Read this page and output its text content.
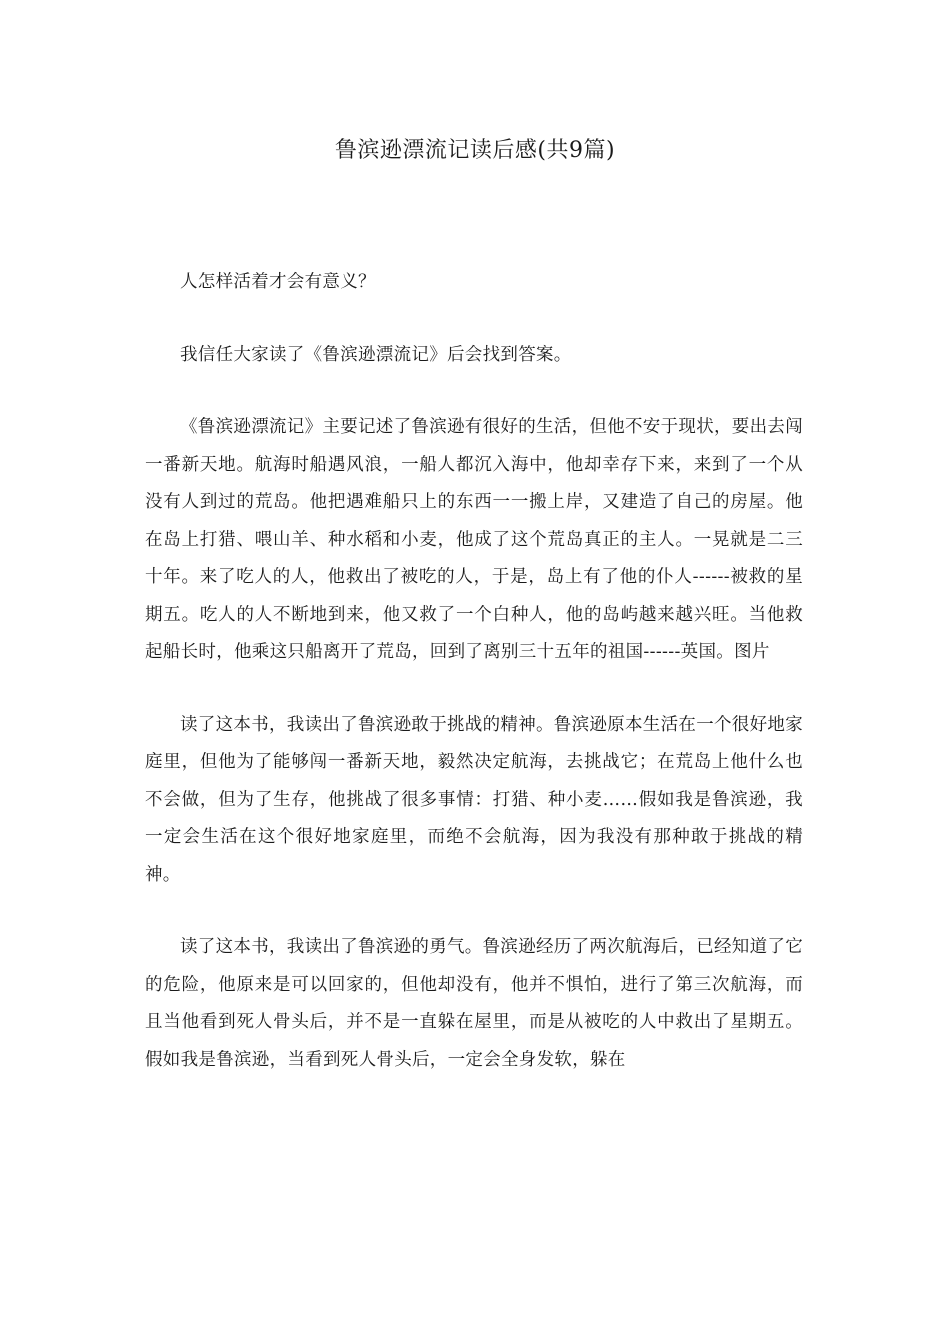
鲁滨逊漂流记读后感(共9篇)

人怎样活着才会有意义？

我信任大家读了《鲁滨逊漂流记》后会找到答案。

《鲁滨逊漂流记》主要记述了鲁滨逊有很好的生活，但他不安于现状，要出去闯一番新天地。航海时船遇风浪，一船人都沉入海中，他却幸存下来，来到了一个从没有人到过的荒岛。他把遇难船只上的东西一一搬上岸，又建造了自己的房屋。他在岛上打猎、喂山羊、种水稻和小麦，他成了这个荒岛真正的主人。一晃就是二三十年。来了吃人的人，他救出了被吃的人，于是，岛上有了他的仆人------被救的星期五。吃人的人不断地到来，他又救了一个白种人，他的岛屿越来越兴旺。当他救起船长时，他乘这只船离开了荒岛，回到了离别三十五年的祖国------英国。图片

读了这本书，我读出了鲁滨逊敢于挑战的精神。鲁滨逊原本生活在一个很好地家庭里，但他为了能够闯一番新天地，毅然决定航海，去挑战它；在荒岛上他什么也不会做，但为了生存，他挑战了很多事情：打猎、种小麦……假如我是鲁滨逊，我一定会生活在这个很好地家庭里，而绝不会航海，因为我没有那种敢于挑战的精神。

读了这本书，我读出了鲁滨逊的勇气。鲁滨逊经历了两次航海后，已经知道了它的危险，他原来是可以回家的，但他却没有，他并不惧怕，进行了第三次航海，而且当他看到死人骨头后，并不是一直躲在屋里，而是从被吃的人中救出了星期五。假如我是鲁滨逊，当看到死人骨头后，一定会全身发软，躲在
